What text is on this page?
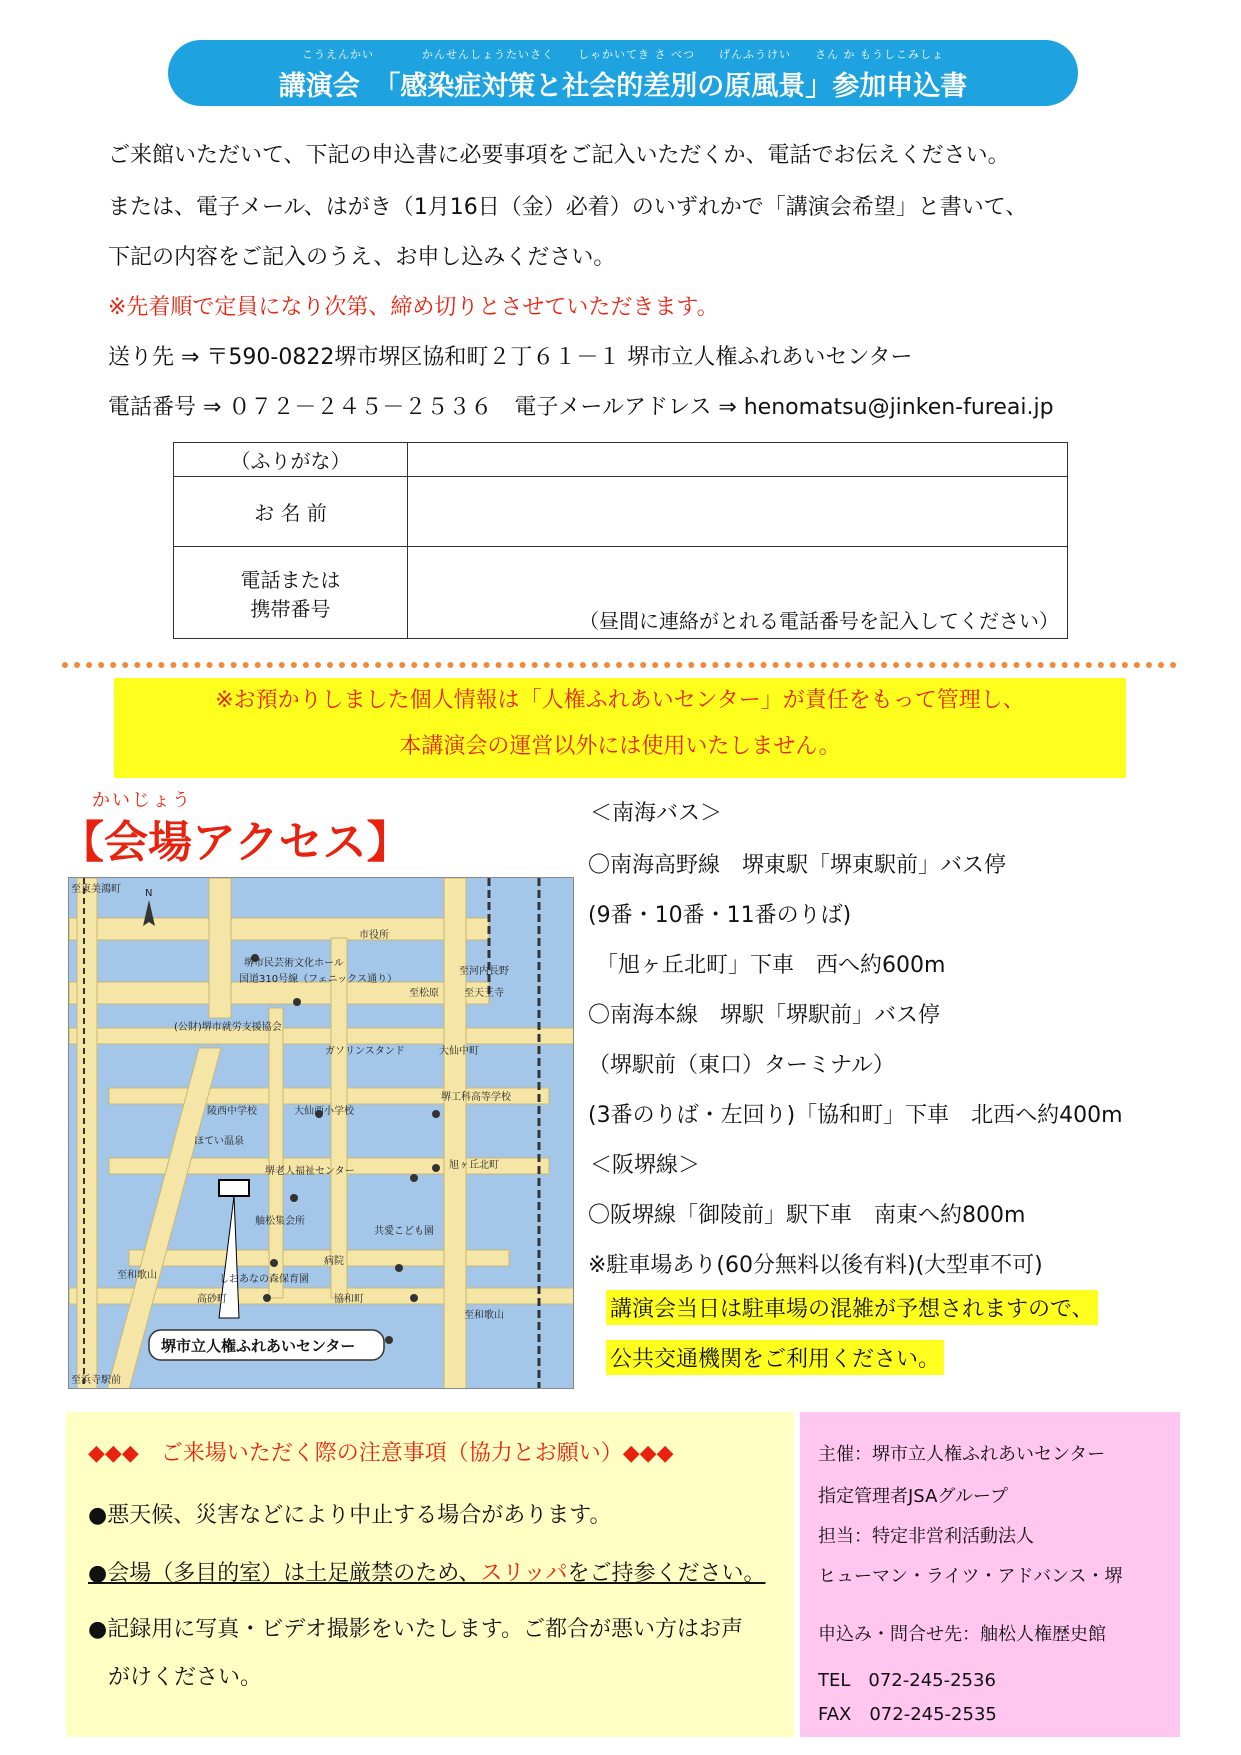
こうえんかい　　　　かんせんしょうたいさく　　しゃかいてき さ べつ　　げんふうけい　　さん か もうしこみしょ
講演会　「感染症対策と社会的差別の原風景」参加申込書
ご来館いただいて、下記の申込書に必要事項をご記入いただくか、電話でお伝えください。
または、電子メール、はがき（1月16日（金）必着）のいずれかで「講演会希望」と書いて、
下記の内容をご記入のうえ、お申し込みください。
※先着順で定員になり次第、締め切りとさせていただきます。
送り先 ⇒ 〒590-0822堺市堺区協和町２丁６１－１ 堺市立人権ふれあいセンター
電話番号 ⇒ ０７２－２４５－２５３６　電子メールアドレス ⇒ henomatsu@jinken-fureai.jp
（ふりがな）	
お 名 前	

電話または
携帯番号	（昼間に連絡がとれる電話番号を記入してください）
※お預かりしました個人情報は「人権ふれあいセンター」が責任をもって管理し、
本講演会の運営以外には使用いたしません。
かいじょう
【会場アクセス】
至東美鴻町 N
市役所
堺市民芸術文化ホール
国道310号線（フェニックス通り）
至河内長野
至天王寺
至松原
(公財)堺市就労支援協会
ガソリンスタンド	大仙中町
陵西中学校	大仙西小学校
堺工科高等学校
ほてい温泉
堺老人福祉センター
旭ヶ丘北町
舳松集会所
共愛こども園
病院
しおあなの森保育園
高砂町	協和町
至和歌山
至浜寺駅前
至和歌山
堺市立人権ふれあいセンター
＜南海バス＞
〇南海高野線　堺東駅「堺東駅前」バス停
(9番・10番・11番のりば)
「旭ヶ丘北町」下車　西へ約600m
〇南海本線　堺駅「堺駅前」バス停
（堺駅前（東口）ターミナル）
(3番のりば・左回り)「協和町」下車　北西へ約400m
＜阪堺線＞
〇阪堺線「御陵前」駅下車　南東へ約800m
※駐車場あり(60分無料以後有料)(大型車不可)
講演会当日は駐車場の混雑が予想されますので、
公共交通機関をご利用ください。
◆◆◆　ご来場いただく際の注意事項（協力とお願い）◆◆◆
●悪天候、災害などにより中止する場合があります。
●会場（多目的室）は土足厳禁のため、スリッパをご持参ください。
●記録用に写真・ビデオ撮影をいたします。ご都合が悪い方はお声
がけください。
主催：堺市立人権ふれあいセンター
指定管理者JSAグループ
担当：特定非営利活動法人
ヒューマン・ライツ・アドバンス・堺
申込み・問合せ先：舳松人権歴史館
TEL　072-245-2536
FAX　072-245-2535
